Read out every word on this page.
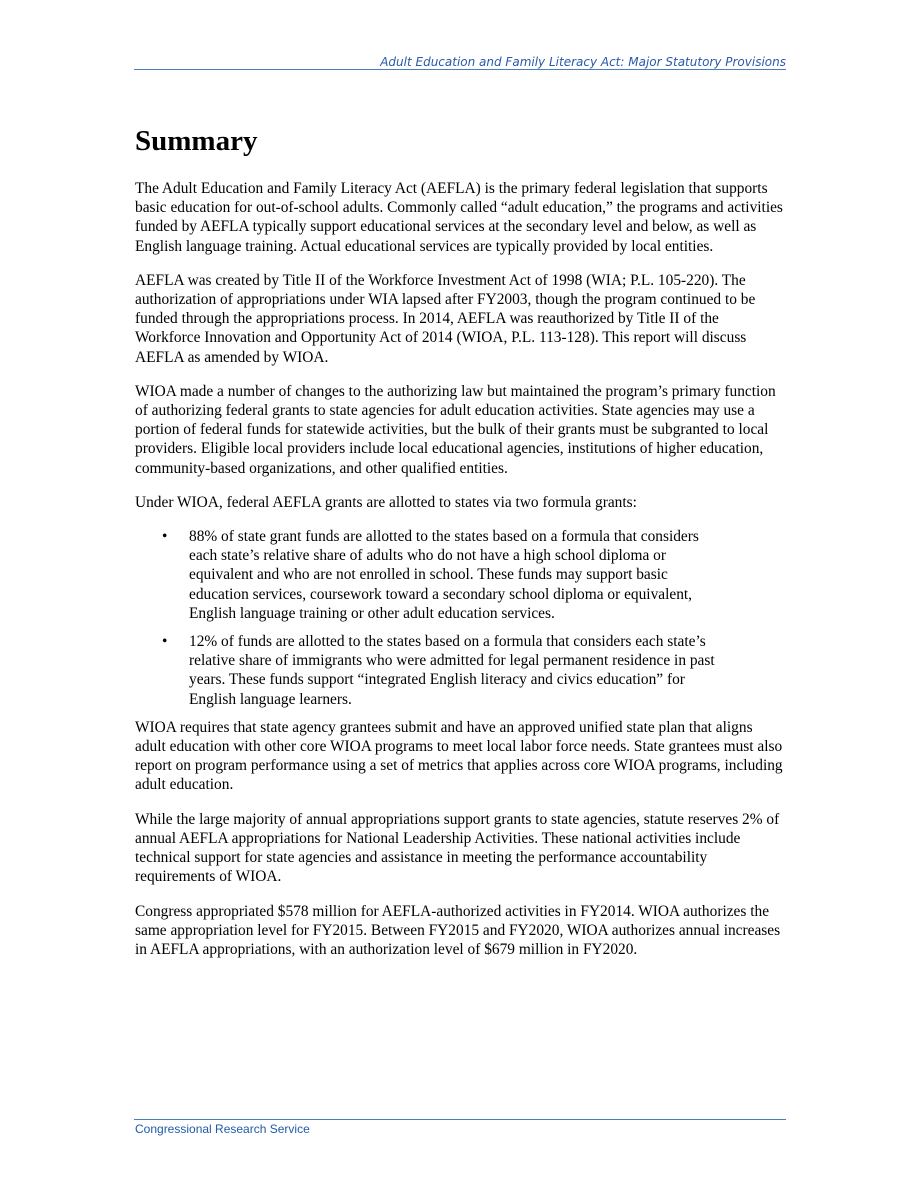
Adult Education and Family Literacy Act: Major Statutory Provisions
Summary

The Adult Education and Family Literacy Act (AEFLA) is the primary federal legislation that supports basic education for out-of-school adults. Commonly called “adult education,” the programs and activities funded by AEFLA typically support educational services at the secondary level and below, as well as English language training. Actual educational services are typically provided by local entities.

AEFLA was created by Title II of the Workforce Investment Act of 1998 (WIA; P.L. 105-220). The authorization of appropriations under WIA lapsed after FY2003, though the program continued to be funded through the appropriations process. In 2014, AEFLA was reauthorized by Title II of the Workforce Innovation and Opportunity Act of 2014 (WIOA, P.L. 113-128). This report will discuss AEFLA as amended by WIOA.

WIOA made a number of changes to the authorizing law but maintained the program’s primary function of authorizing federal grants to state agencies for adult education activities. State agencies may use a portion of federal funds for statewide activities, but the bulk of their grants must be subgranted to local providers. Eligible local providers include local educational agencies, institutions of higher education, community-based organizations, and other qualified entities.

Under WIOA, federal AEFLA grants are allotted to states via two formula grants:

• 88% of state grant funds are allotted to the states based on a formula that considers each state’s relative share of adults who do not have a high school diploma or equivalent and who are not enrolled in school. These funds may support basic education services, coursework toward a secondary school diploma or equivalent, English language training or other adult education services.
• 12% of funds are allotted to the states based on a formula that considers each state’s relative share of immigrants who were admitted for legal permanent residence in past years. These funds support “integrated English literacy and civics education” for English language learners.

WIOA requires that state agency grantees submit and have an approved unified state plan that aligns adult education with other core WIOA programs to meet local labor force needs. State grantees must also report on program performance using a set of metrics that applies across core WIOA programs, including adult education.

While the large majority of annual appropriations support grants to state agencies, statute reserves 2% of annual AEFLA appropriations for National Leadership Activities. These national activities include technical support for state agencies and assistance in meeting the performance accountability requirements of WIOA.

Congress appropriated $578 million for AEFLA-authorized activities in FY2014. WIOA authorizes the same appropriation level for FY2015. Between FY2015 and FY2020, WIOA authorizes annual increases in AEFLA appropriations, with an authorization level of $679 million in FY2020.

Congressional Research Service
